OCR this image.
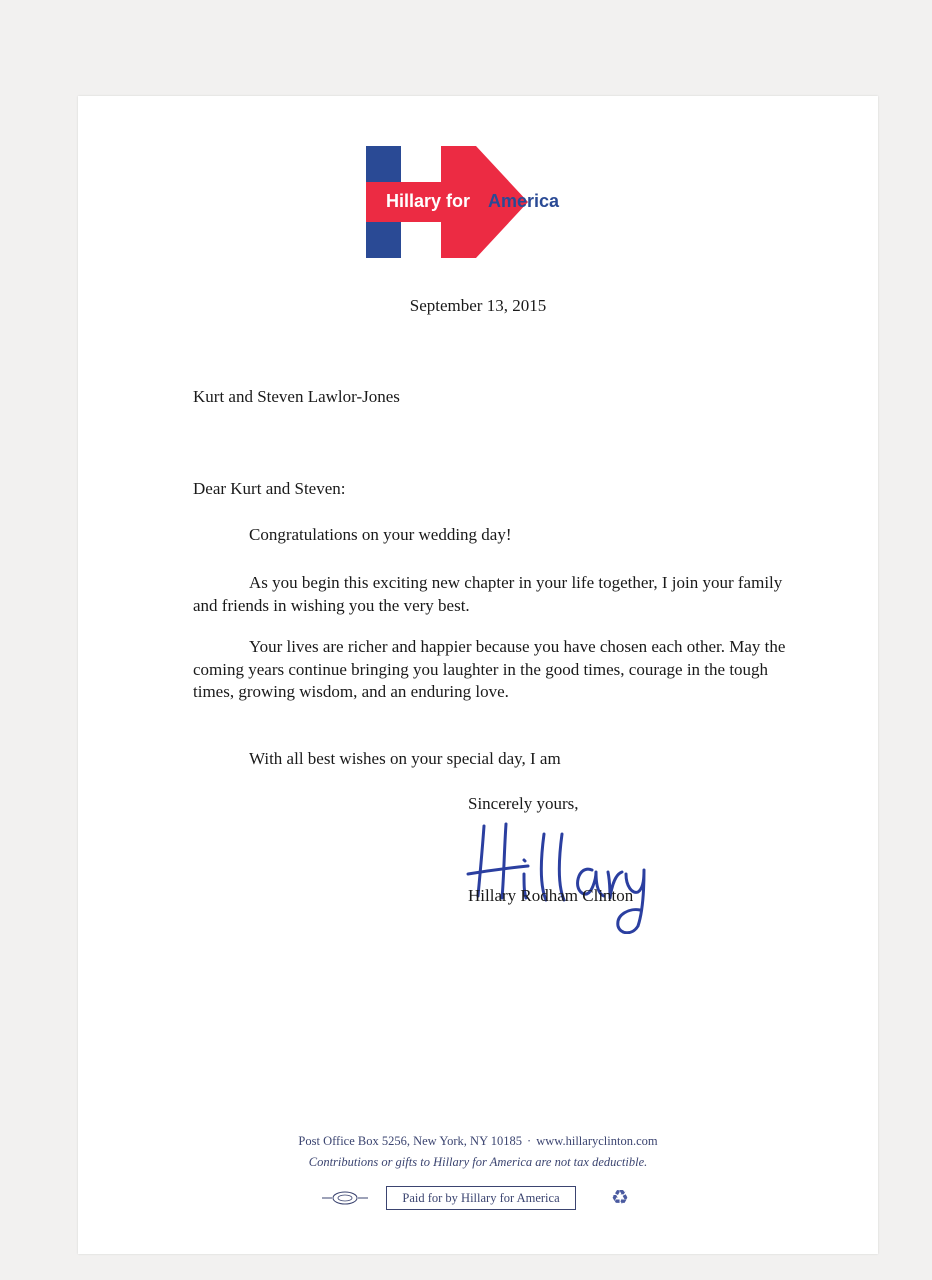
Hillary for America
September 13, 2015
Kurt and Steven Lawlor-Jones
Dear Kurt and Steven:

Congratulations on your wedding day!

As you begin this exciting new chapter in your life together, I join your family and friends in wishing you the very best.

Your lives are richer and happier because you have chosen each other. May the coming years continue bringing you laughter in the good times, courage in the tough times, growing wisdom, and an enduring love.

With all best wishes on your special day, I am

Sincerely yours,
Hillary Rodham Clinton
Post Office Box 5256, New York, NY 10185 · www.hillaryclinton.com
Contributions or gifts to Hillary for America are not tax deductible.
Paid for by Hillary for America	♻
